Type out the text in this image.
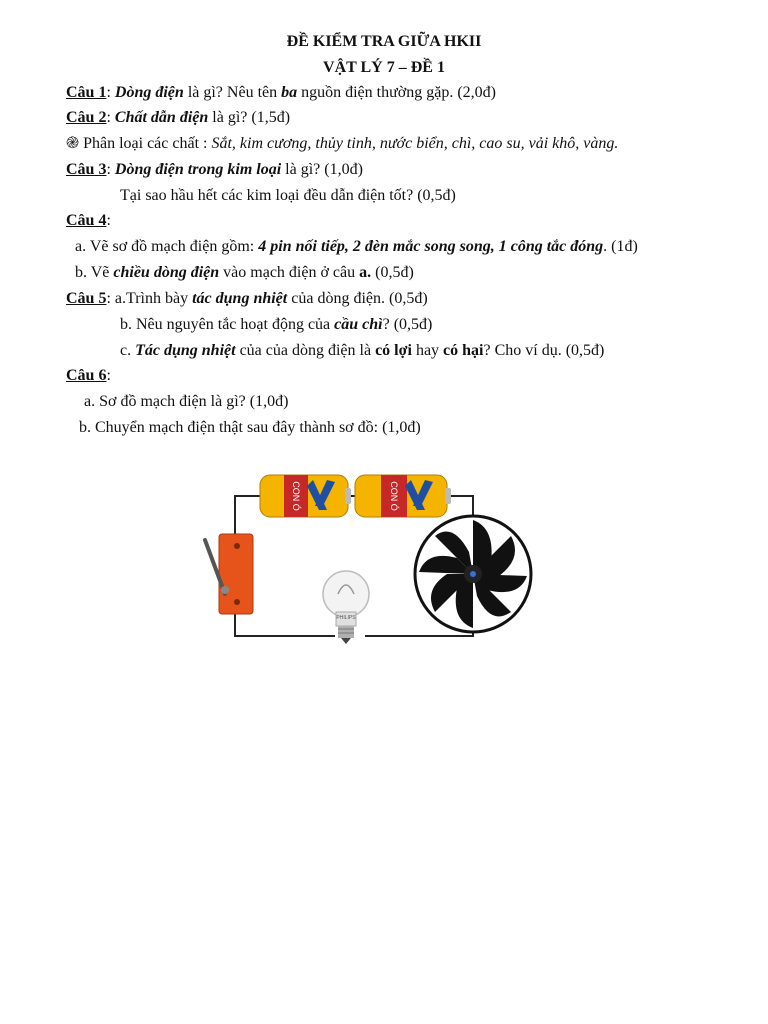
ĐỀ KIỂM TRA GIỮA HKII
VẬT LÝ 7 – ĐỀ 1
Câu 1: Dòng điện là gì? Nêu tên ba nguồn điện thường gặp. (2,0đ)
Câu 2: Chất dẫn điện là gì? (1,5đ)
֎ Phân loại các chất : Sắt, kim cương, thủy tinh, nước biển, chì, cao su, vải khô, vàng.
Câu 3: Dòng điện trong kim loại là gì? (1,0đ)
Tại sao hầu hết các kim loại đều dẫn điện tốt? (0,5đ)
Câu 4:
a. Vẽ sơ đồ mạch điện gồm: 4 pin nối tiếp, 2 đèn mắc song song, 1 công tắc đóng. (1đ)
b. Vẽ chiều dòng điện vào mạch điện ở câu a. (0,5đ)
Câu 5: a.Trình bày tác dụng nhiệt của dòng điện. (0,5đ)
b. Nêu nguyên tắc hoạt động của cầu chì? (0,5đ)
c. Tác dụng nhiệt của của dòng điện là có lợi hay có hại? Cho ví dụ. (0,5đ)
Câu 6:
a. Sơ đồ mạch điện là gì? (1,0đ)
b. Chuyển mạch điện thật sau đây thành sơ đồ: (1,0đ)
CON Ó	CON Ó
PHILIPS
